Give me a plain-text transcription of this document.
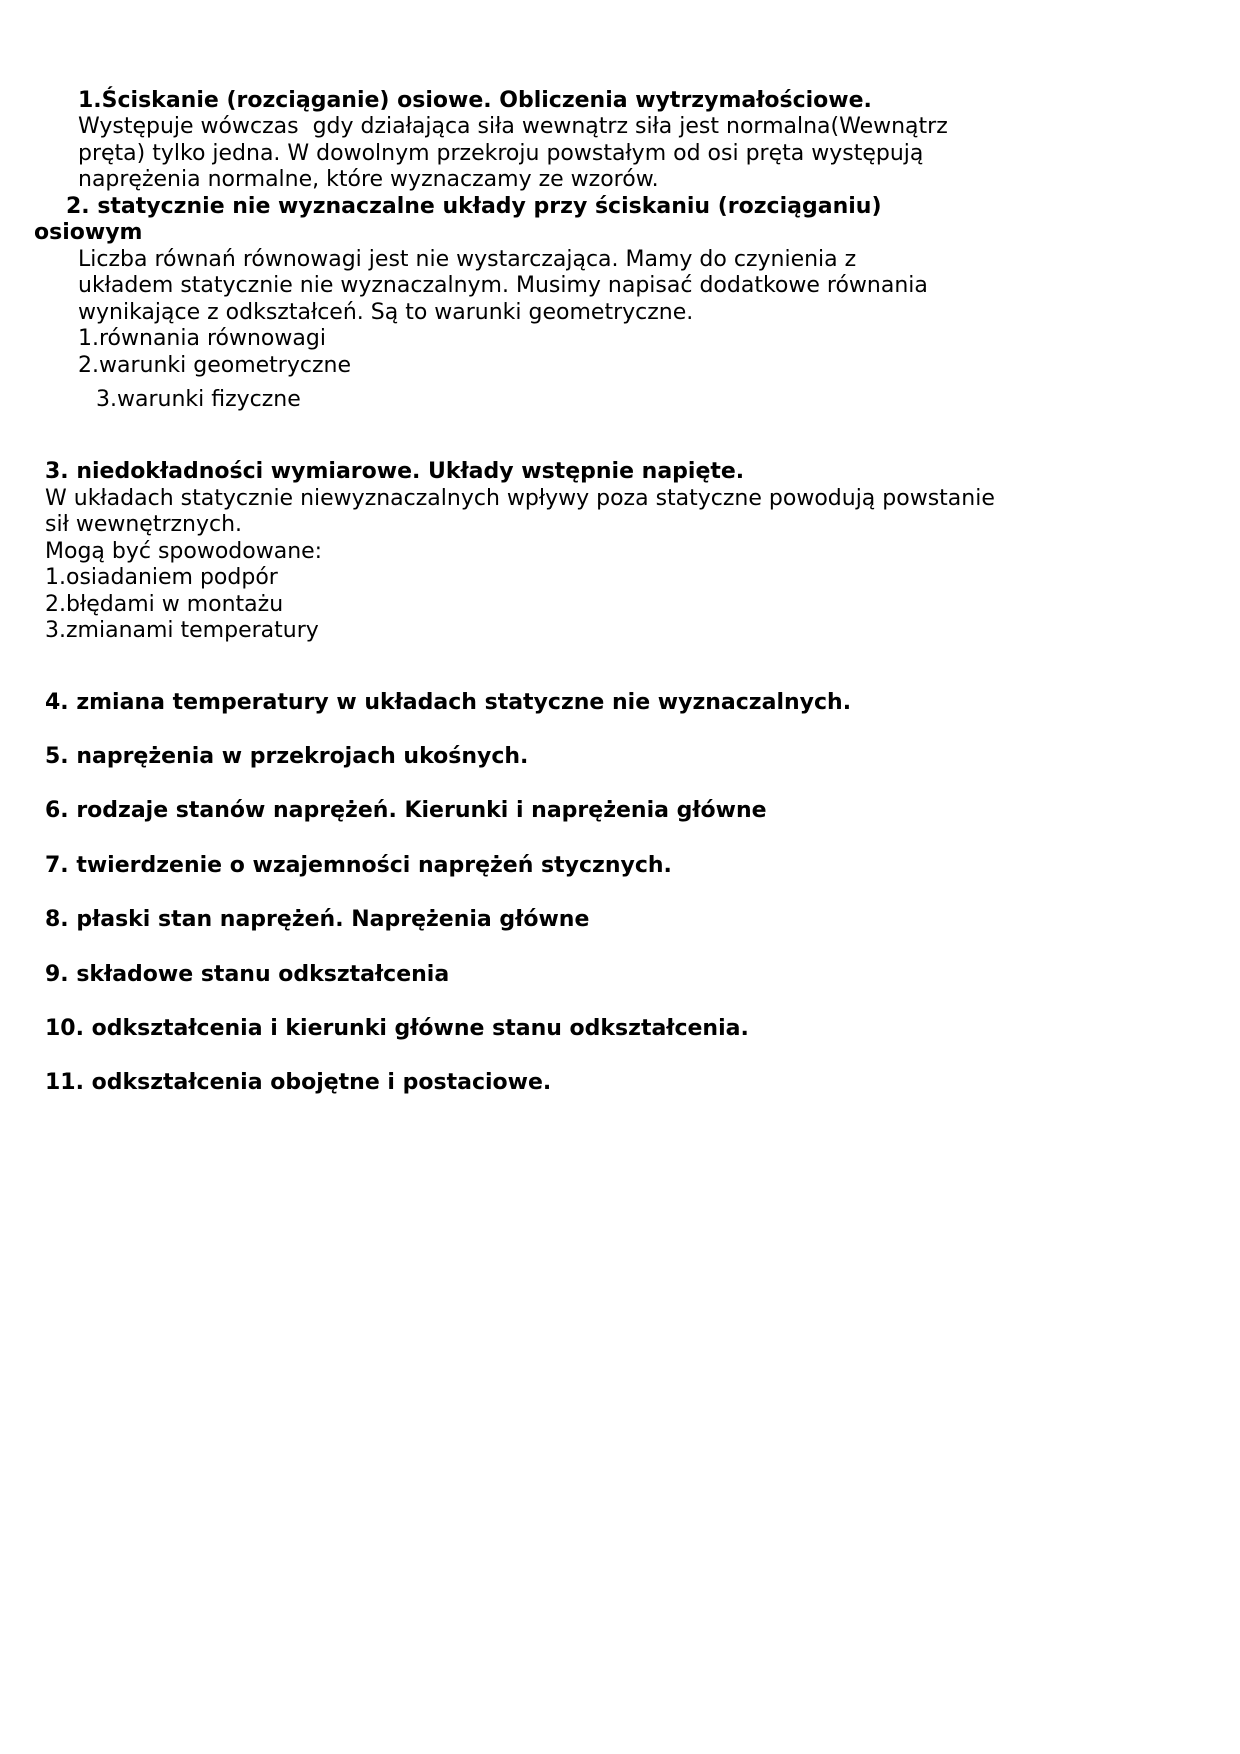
1.Ściskanie (rozciąganie) osiowe. Obliczenia wytrzymałościowe.

Występuje wówczas  gdy działająca siła wewnątrz siła jest normalna(Wewnątrz

pręta) tylko jedna. W dowolnym przekroju powstałym od osi pręta występują

naprężenia normalne, które wyznaczamy ze wzorów.

2. statycznie nie wyznaczalne układy przy ściskaniu (rozciąganiu)

osiowym

Liczba równań równowagi jest nie wystarczająca. Mamy do czynienia z

układem statycznie nie wyznaczalnym. Musimy napisać dodatkowe równania

wynikające z odkształceń. Są to warunki geometryczne.

1.równania równowagi

2.warunki geometryczne

3.warunki fizyczne

3. niedokładności wymiarowe. Układy wstępnie napięte.

W układach statycznie niewyznaczalnych wpływy poza statyczne powodują powstanie

sił wewnętrznych.

Mogą być spowodowane:

1.osiadaniem podpór

2.błędami w montażu

3.zmianami temperatury

4. zmiana temperatury w układach statyczne nie wyznaczalnych.

5. naprężenia w przekrojach ukośnych.

6. rodzaje stanów naprężeń. Kierunki i naprężenia główne

7. twierdzenie o wzajemności naprężeń stycznych.

8. płaski stan naprężeń. Naprężenia główne

9. składowe stanu odkształcenia

10. odkształcenia i kierunki główne stanu odkształcenia.

11. odkształcenia obojętne i postaciowe.
